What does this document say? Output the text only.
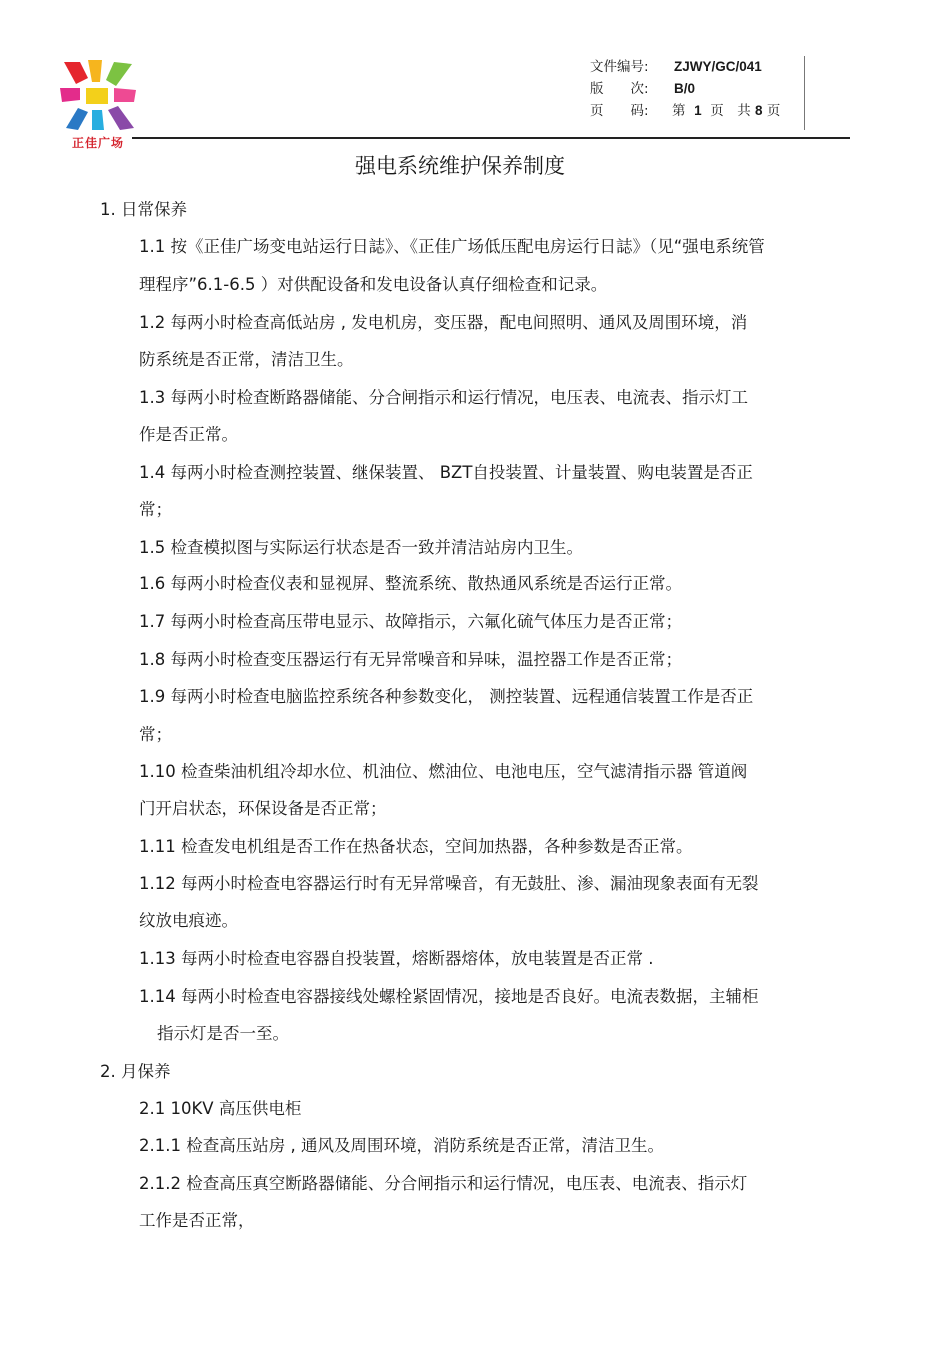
正佳广场
文件编号: ZJWY/GC/041
版　　次: B/0
页　　码: 第 1 页　共 8 页
强电系统维护保养制度
1. 日常保养
1.1 按《正佳广场变电站运行日誌》、《正佳广场低压配电房运行日誌》（见“强电系统管
理程序”6.1-6.5 ）对供配设备和发电设备认真仔细检查和记录。
1.2 每两小时检查高低站房 , 发电机房，变压器，配电间照明、通风及周围环境，消
防系统是否正常，清洁卫生。
1.3 每两小时检查断路器储能、分合闸指示和运行情况，电压表、电流表、指示灯工
作是否正常。
1.4 每两小时检查测控装置、继保装置、 BZT自投装置、计量装置、购电装置是否正
常；
1.5 检查模拟图与实际运行状态是否一致并清洁站房内卫生。
1.6 每两小时检查仪表和显视屏、整流系统、散热通风系统是否运行正常。
1.7 每两小时检查高压带电显示、故障指示，六氟化硫气体压力是否正常；
1.8 每两小时检查变压器运行有无异常噪音和异味，温控器工作是否正常；
1.9 每两小时检查电脑监控系统各种参数变化， 测控装置、远程通信装置工作是否正
常；
1.10 检查柴油机组冷却水位、机油位、燃油位、电池电压，空气滤清指示器 管道阀
门开启状态，环保设备是否正常；
1.11 检查发电机组是否工作在热备状态，空间加热器，各种参数是否正常。
1.12 每两小时检查电容器运行时有无异常噪音，有无鼓肚、渗、漏油现象表面有无裂
纹放电痕迹。
1.13 每两小时检查电容器自投装置，熔断器熔体，放电装置是否正常 .
1.14 每两小时检查电容器接线处螺栓紧固情况，接地是否良好。电流表数据，主辅柜
指示灯是否一至。
2. 月保养
2.1 10KV 高压供电柜
2.1.1 检查高压站房 , 通风及周围环境，消防系统是否正常，清洁卫生。
2.1.2 检查高压真空断路器储能、分合闸指示和运行情况，电压表、电流表、指示灯
工作是否正常，
